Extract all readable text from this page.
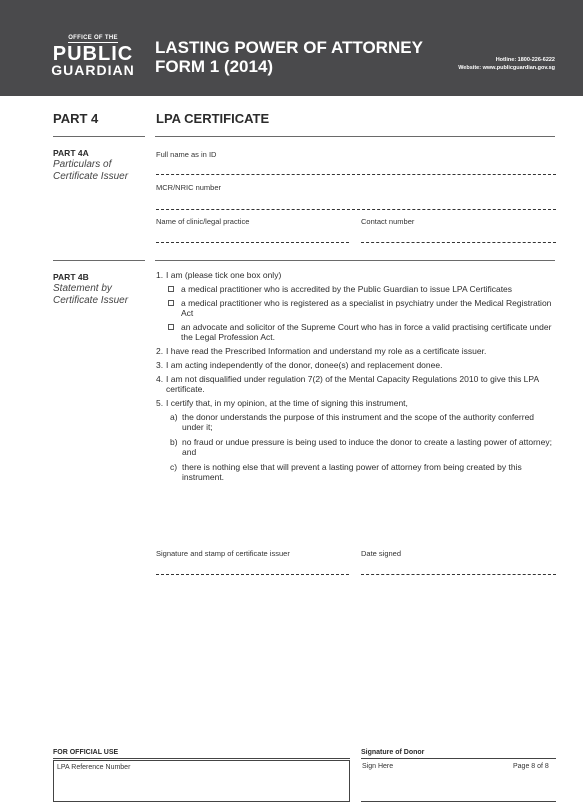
OFFICE OF THE
PUBLIC
GUARDIAN
LASTING POWER OF ATTORNEY
FORM 1 (2014)	Hotline: 1800-226-6222
Website: www.publicguardian.gov.sg
PART 4	LPA CERTIFICATE
PART 4A
Particulars of Certificate Issuer
Full name as in ID
MCR/NRIC number
Name of clinic/legal practice	Contact number
PART 4B
Statement by Certificate Issuer
1. I am (please tick one box only)
a medical practitioner who is accredited by the Public Guardian to issue LPA Certificates
a medical practitioner who is registered as a specialist in psychiatry under the Medical Registration Act
an advocate and solicitor of the Supreme Court who has in force a valid practising certificate under the Legal Profession Act.
2. I have read the Prescribed Information and understand my role as a certificate issuer.
3. I am acting independently of the donor, donee(s) and replacement donee.
4. I am not disqualified under regulation 7(2) of the Mental Capacity Regulations 2010 to give this LPA certificate.
5. I certify that, in my opinion, at the time of signing this instrument,
a) the donor understands the purpose of this instrument and the scope of the authority conferred under it;
b) no fraud or undue pressure is being used to induce the donor to create a lasting power of attorney; and
c) there is nothing else that will prevent a lasting power of attorney from being created by this instrument.
Signature and stamp of certificate issuer	Date signed
FOR OFFICIAL USE
LPA Reference Number
Signature of Donor
Sign Here	Page 8 of 8
